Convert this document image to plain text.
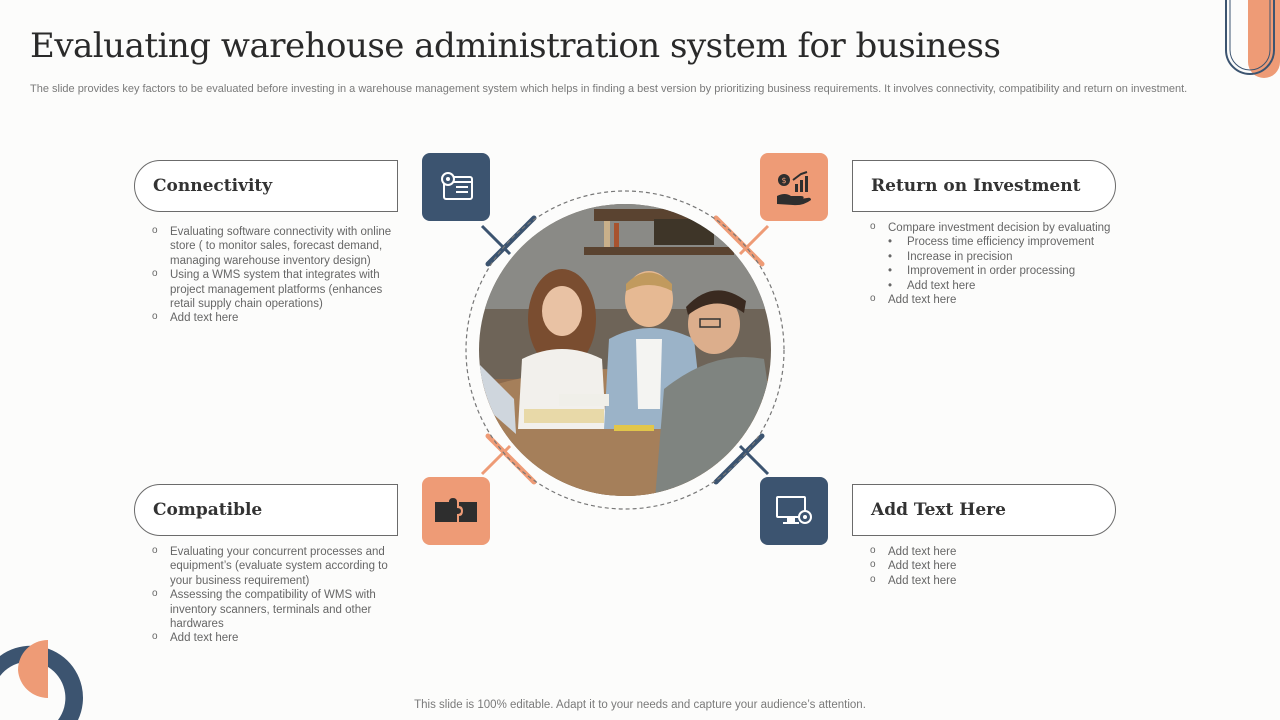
Evaluating warehouse administration system for business

The slide provides key factors to be evaluated before investing in a warehouse management system which helps in finding a best version by prioritizing business requirements. It involves connectivity, compatibility and return on investment.

Connectivity
o Evaluating software connectivity with online store ( to monitor sales, forecast demand, managing warehouse inventory design)
o Using a WMS system that integrates with project management platforms (enhances retail supply chain operations)
o Add text here
$	Return on Investment
o Compare investment decision by evaluating
• Process time efficiency improvement
• Increase in precision
• Improvement in order processing
• Add text here
o Add text here
Compatible
o Evaluating your concurrent processes and equipment’s (evaluate system according to your business requirement)
o Assessing the compatibility of WMS with inventory scanners, terminals and other hardwares
o Add text here
Add Text Here
o Add text here
o Add text here
o Add text here
This slide is 100% editable. Adapt it to your needs and capture your audience’s attention.
